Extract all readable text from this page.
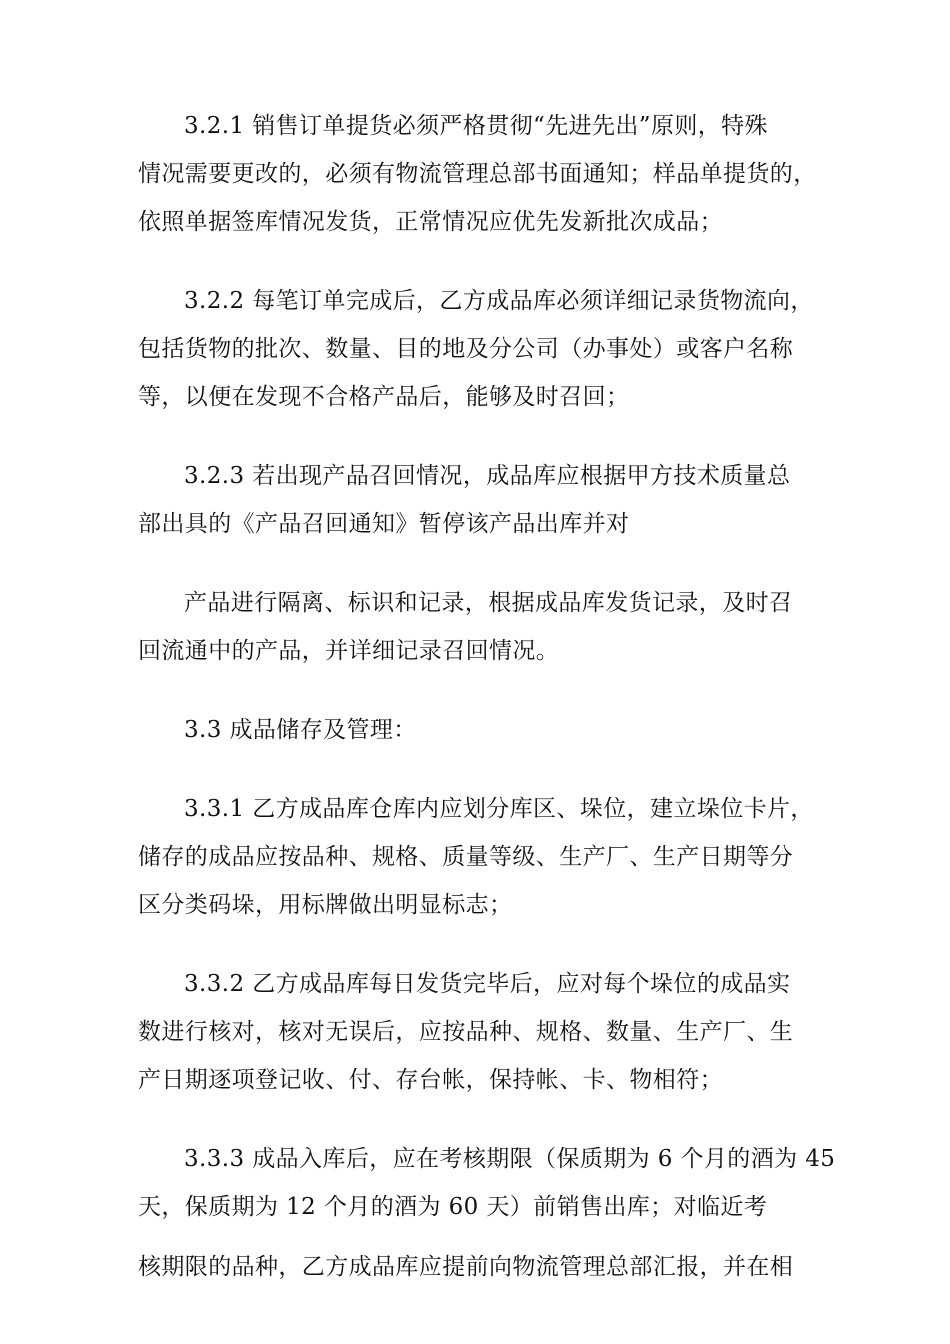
3.2.1 销售订单提货必须严格贯彻“先进先出”原则，特殊
情况需要更改的，必须有物流管理总部书面通知；样品单提货的，
依照单据签库情况发货，正常情况应优先发新批次成品；

3.2.2 每笔订单完成后，乙方成品库必须详细记录货物流向，
包括货物的批次、数量、目的地及分公司（办事处）或客户名称
等，以便在发现不合格产品后，能够及时召回；

3.2.3 若出现产品召回情况，成品库应根据甲方技术质量总
部出具的《产品召回通知》暂停该产品出库并对

产品进行隔离、标识和记录，根据成品库发货记录，及时召
回流通中的产品，并详细记录召回情况。

3.3 成品储存及管理：

3.3.1 乙方成品库仓库内应划分库区、垛位，建立垛位卡片，
储存的成品应按品种、规格、质量等级、生产厂、生产日期等分
区分类码垛，用标牌做出明显标志；

3.3.2 乙方成品库每日发货完毕后，应对每个垛位的成品实
数进行核对，核对无误后，应按品种、规格、数量、生产厂、生
产日期逐项登记收、付、存台帐，保持帐、卡、物相符；

3.3.3 成品入库后，应在考核期限（保质期为 6 个月的酒为 45
天，保质期为 12 个月的酒为 60 天）前销售出库；对临近考

核期限的品种，乙方成品库应提前向物流管理总部汇报，并在相
